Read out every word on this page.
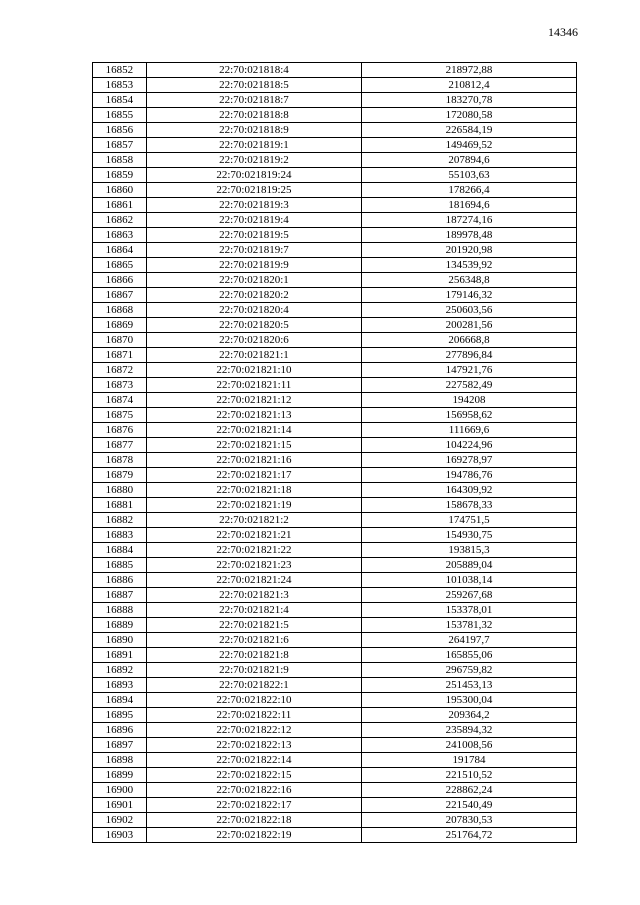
14346
16852	22:70:021818:4	218972,88
16853	22:70:021818:5	210812,4
16854	22:70:021818:7	183270,78
16855	22:70:021818:8	172080,58
16856	22:70:021818:9	226584,19
16857	22:70:021819:1	149469,52
16858	22:70:021819:2	207894,6
16859	22:70:021819:24	55103,63
16860	22:70:021819:25	178266,4
16861	22:70:021819:3	181694,6
16862	22:70:021819:4	187274,16
16863	22:70:021819:5	189978,48
16864	22:70:021819:7	201920,98
16865	22:70:021819:9	134539,92
16866	22:70:021820:1	256348,8
16867	22:70:021820:2	179146,32
16868	22:70:021820:4	250603,56
16869	22:70:021820:5	200281,56
16870	22:70:021820:6	206668,8
16871	22:70:021821:1	277896,84
16872	22:70:021821:10	147921,76
16873	22:70:021821:11	227582,49
16874	22:70:021821:12	194208
16875	22:70:021821:13	156958,62
16876	22:70:021821:14	111669,6
16877	22:70:021821:15	104224,96
16878	22:70:021821:16	169278,97
16879	22:70:021821:17	194786,76
16880	22:70:021821:18	164309,92
16881	22:70:021821:19	158678,33
16882	22:70:021821:2	174751,5
16883	22:70:021821:21	154930,75
16884	22:70:021821:22	193815,3
16885	22:70:021821:23	205889,04
16886	22:70:021821:24	101038,14
16887	22:70:021821:3	259267,68
16888	22:70:021821:4	153378,01
16889	22:70:021821:5	153781,32
16890	22:70:021821:6	264197,7
16891	22:70:021821:8	165855,06
16892	22:70:021821:9	296759,82
16893	22:70:021822:1	251453,13
16894	22:70:021822:10	195300,04
16895	22:70:021822:11	209364,2
16896	22:70:021822:12	235894,32
16897	22:70:021822:13	241008,56
16898	22:70:021822:14	191784
16899	22:70:021822:15	221510,52
16900	22:70:021822:16	228862,24
16901	22:70:021822:17	221540,49
16902	22:70:021822:18	207830,53
16903	22:70:021822:19	251764,72
